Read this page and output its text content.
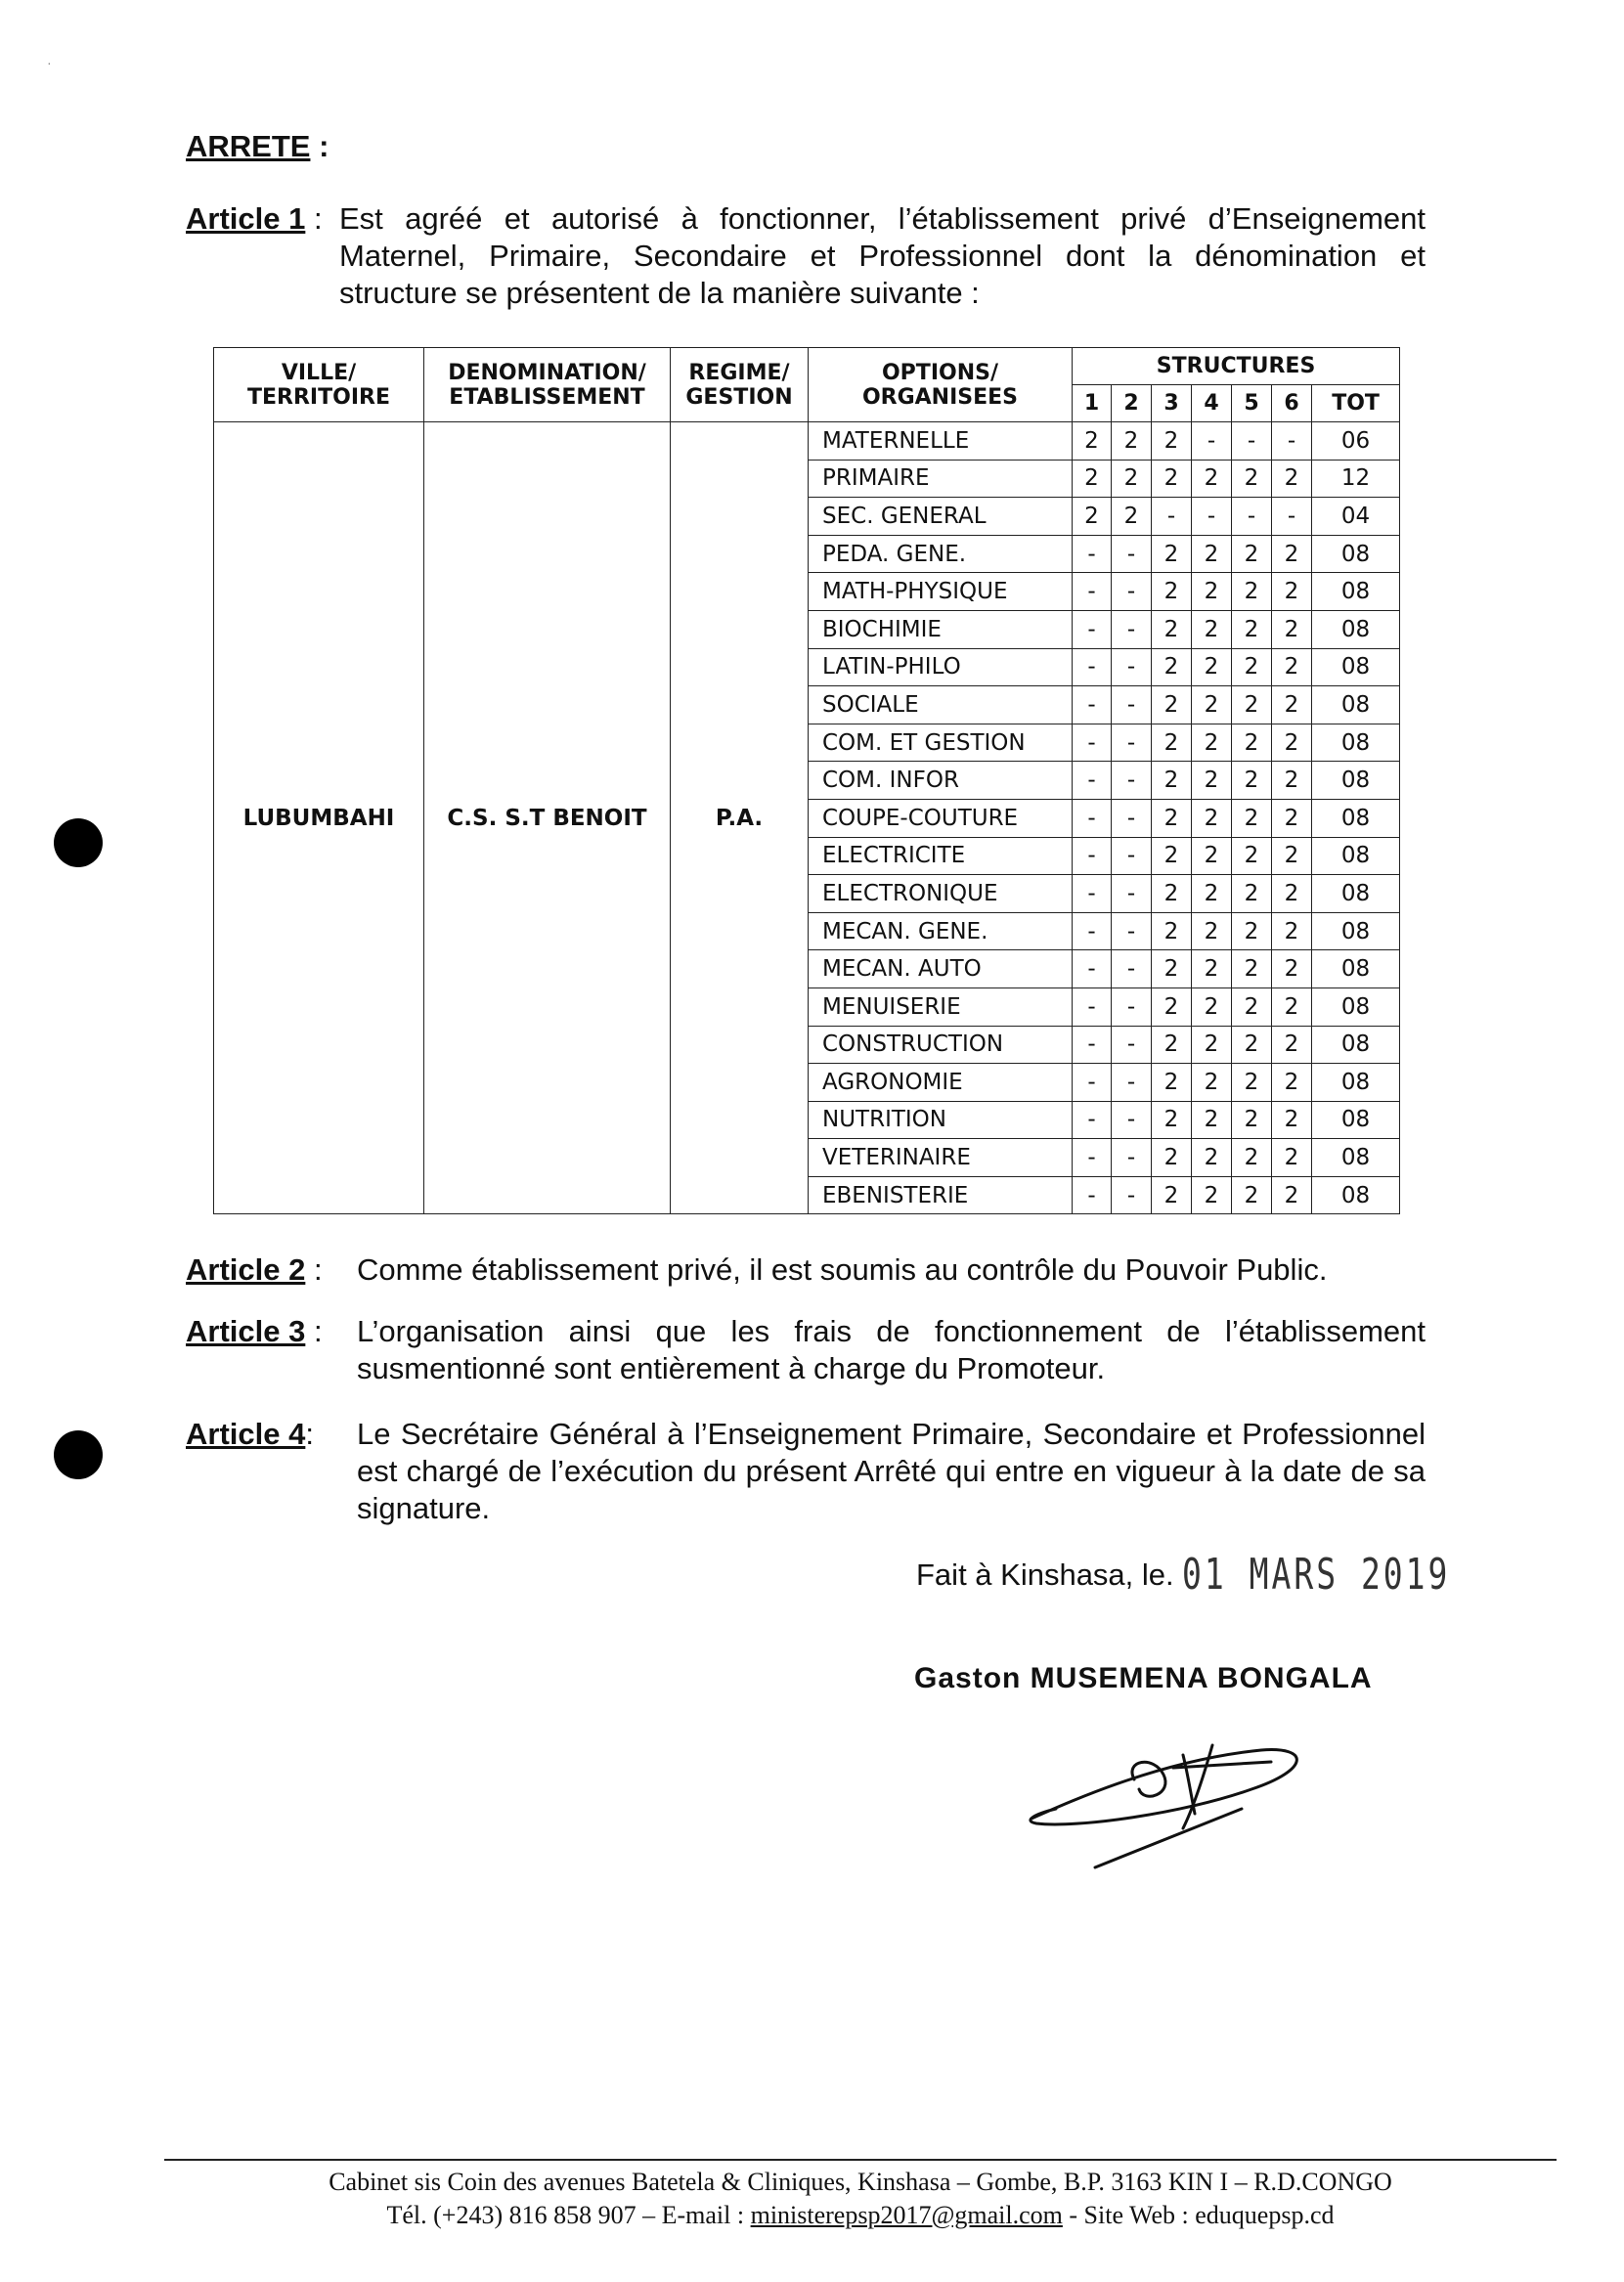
·
ARRETE :
Article 1 : Est agréé et autorisé à fonctionner, l’établissement privé d’Enseignement Maternel, Primaire, Secondaire et Professionnel dont la dénomination et structure se présentent de la manière suivante :
VILLE/ TERRITOIRE	DENOMINATION/ ETABLISSEMENT	REGIME/ GESTION	OPTIONS/ ORGANISEES	STRUCTURES						
				1	2	3	4	5	6	TOT
LUBUMBAHI	C.S. S.T BENOIT	P.A.	MATERNELLE	2	2	2	-	-	-	06
			PRIMAIRE	2	2	2	2	2	2	12
			SEC. GENERAL	2	2	-	-	-	-	04
			PEDA. GENE.	-	-	2	2	2	2	08
			MATH-PHYSIQUE	-	-	2	2	2	2	08
			BIOCHIMIE	-	-	2	2	2	2	08
			LATIN-PHILO	-	-	2	2	2	2	08
			SOCIALE	-	-	2	2	2	2	08
			COM. ET GESTION	-	-	2	2	2	2	08
			COM. INFOR	-	-	2	2	2	2	08
			COUPE-COUTURE	-	-	2	2	2	2	08
			ELECTRICITE	-	-	2	2	2	2	08
			ELECTRONIQUE	-	-	2	2	2	2	08
			MECAN. GENE.	-	-	2	2	2	2	08
			MECAN. AUTO	-	-	2	2	2	2	08
			MENUISERIE	-	-	2	2	2	2	08
			CONSTRUCTION	-	-	2	2	2	2	08
			AGRONOMIE	-	-	2	2	2	2	08
			NUTRITION	-	-	2	2	2	2	08
			VETERINAIRE	-	-	2	2	2	2	08
			EBENISTERIE	-	-	2	2	2	2	08
Article 2 :	Comme établissement privé, il est soumis au contrôle du Pouvoir Public.
Article 3 :	L’organisation ainsi que les frais de fonctionnement de l’établissement susmentionné sont entièrement à charge du Promoteur.
Article 4:	Le Secrétaire Général à l’Enseignement Primaire, Secondaire et Professionnel est chargé de l’exécution du présent Arrêté qui entre en vigueur à la date de sa signature.
Fait à Kinshasa, le. 01 MARS 2019
Gaston MUSEMENA BONGALA
Cabinet sis Coin des avenues Batetela & Cliniques, Kinshasa – Gombe, B.P. 3163 KIN I – R.D.CONGO
Tél. (+243) 816 858 907 – E-mail : ministerepsp2017@gmail.com - Site Web : eduquepsp.cd
